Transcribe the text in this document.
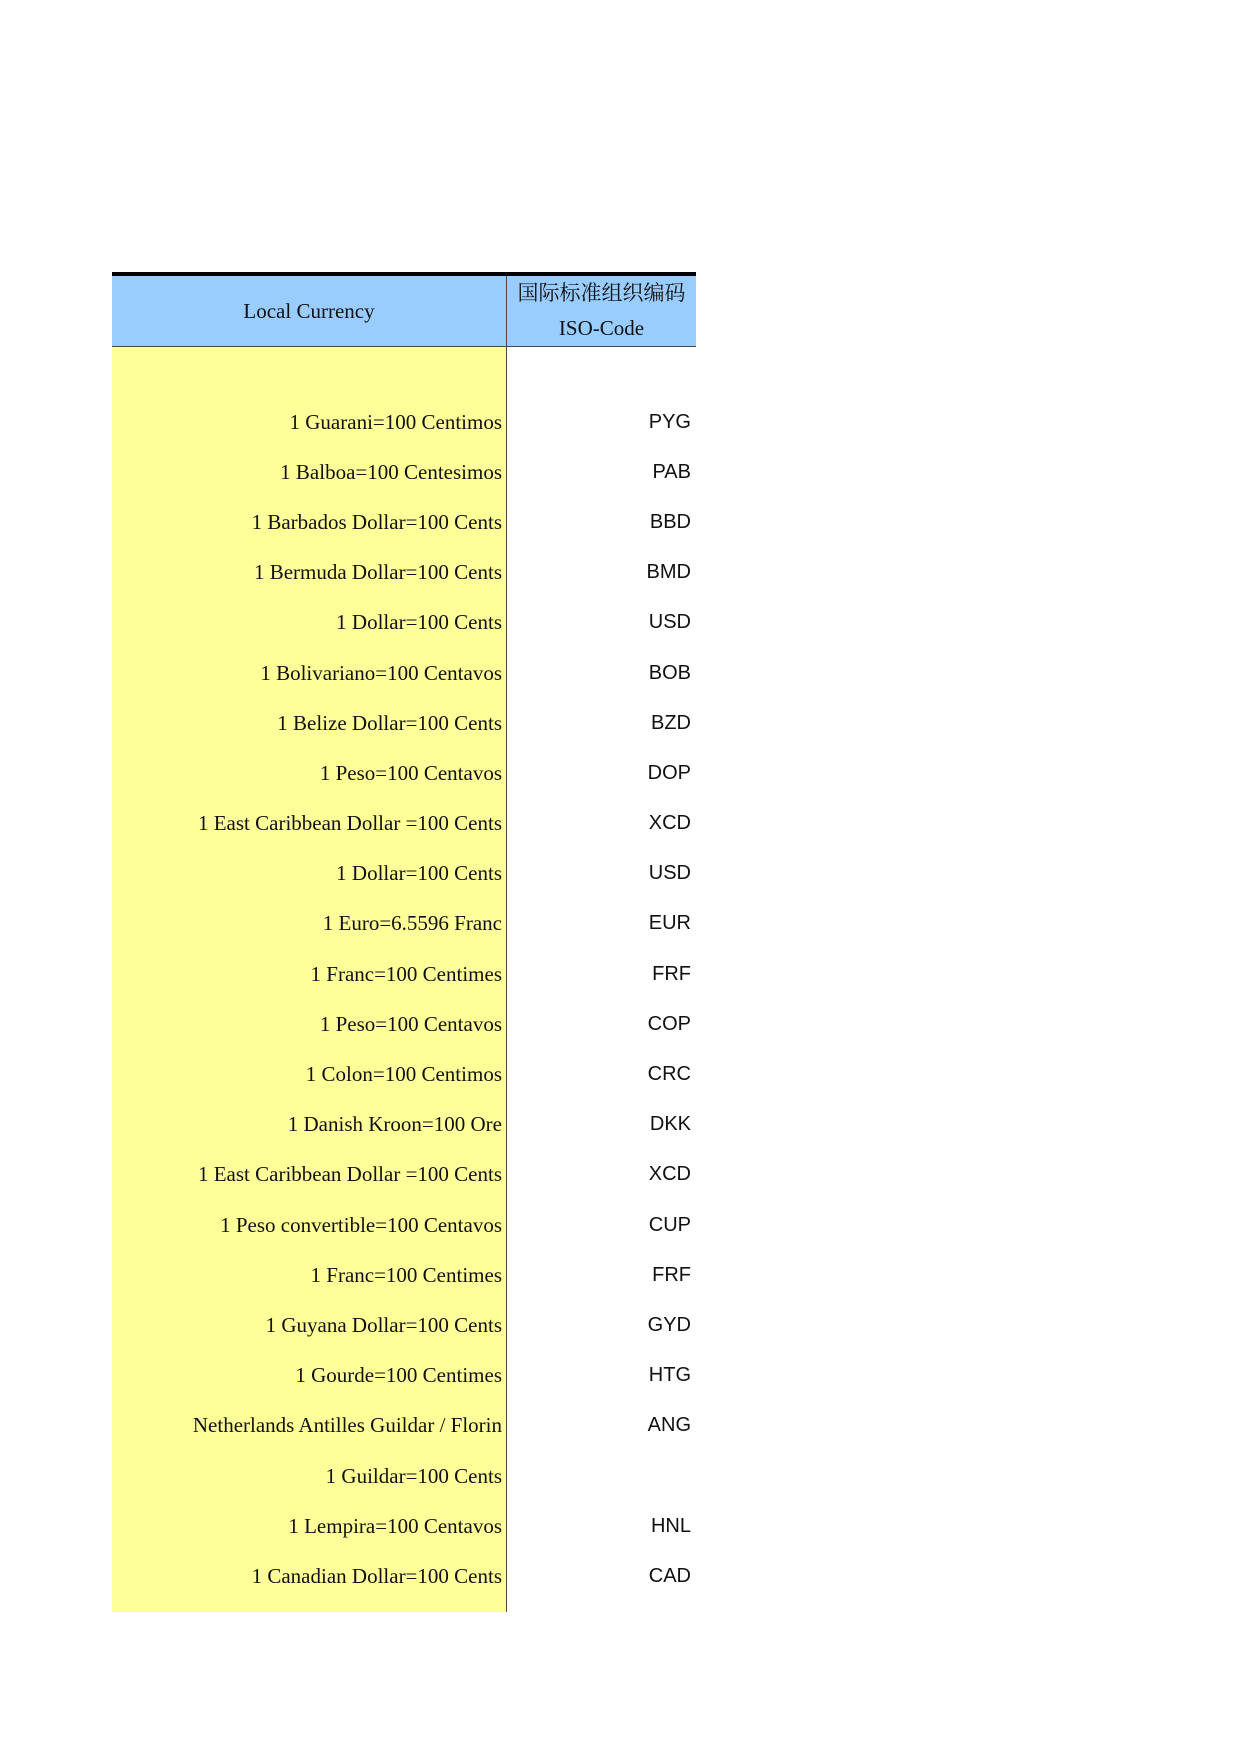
Local Currency
国际标准组织编码
ISO-Code
1 Guarani=100 Centimos
1 Balboa=100 Centesimos
1 Barbados Dollar=100 Cents
1 Bermuda Dollar=100 Cents
1 Dollar=100 Cents
1 Bolivariano=100 Centavos
1 Belize Dollar=100 Cents
1 Peso=100 Centavos
1 East Caribbean Dollar =100 Cents
1 Dollar=100 Cents
1 Euro=6.5596 Franc
1 Franc=100 Centimes
1 Peso=100 Centavos
1 Colon=100 Centimos
1 Danish Kroon=100 Ore
1 East Caribbean Dollar =100 Cents
1 Peso convertible=100 Centavos
1 Franc=100 Centimes
1 Guyana Dollar=100 Cents
1 Gourde=100 Centimes
Netherlands Antilles Guildar / Florin
1 Guildar=100 Cents
1 Lempira=100 Centavos
1 Canadian Dollar=100 Cents
PYG
PAB
BBD
BMD
USD
BOB
BZD
DOP
XCD
USD
EUR
FRF
COP
CRC
DKK
XCD
CUP
FRF
GYD
HTG
ANG
HNL
CAD
